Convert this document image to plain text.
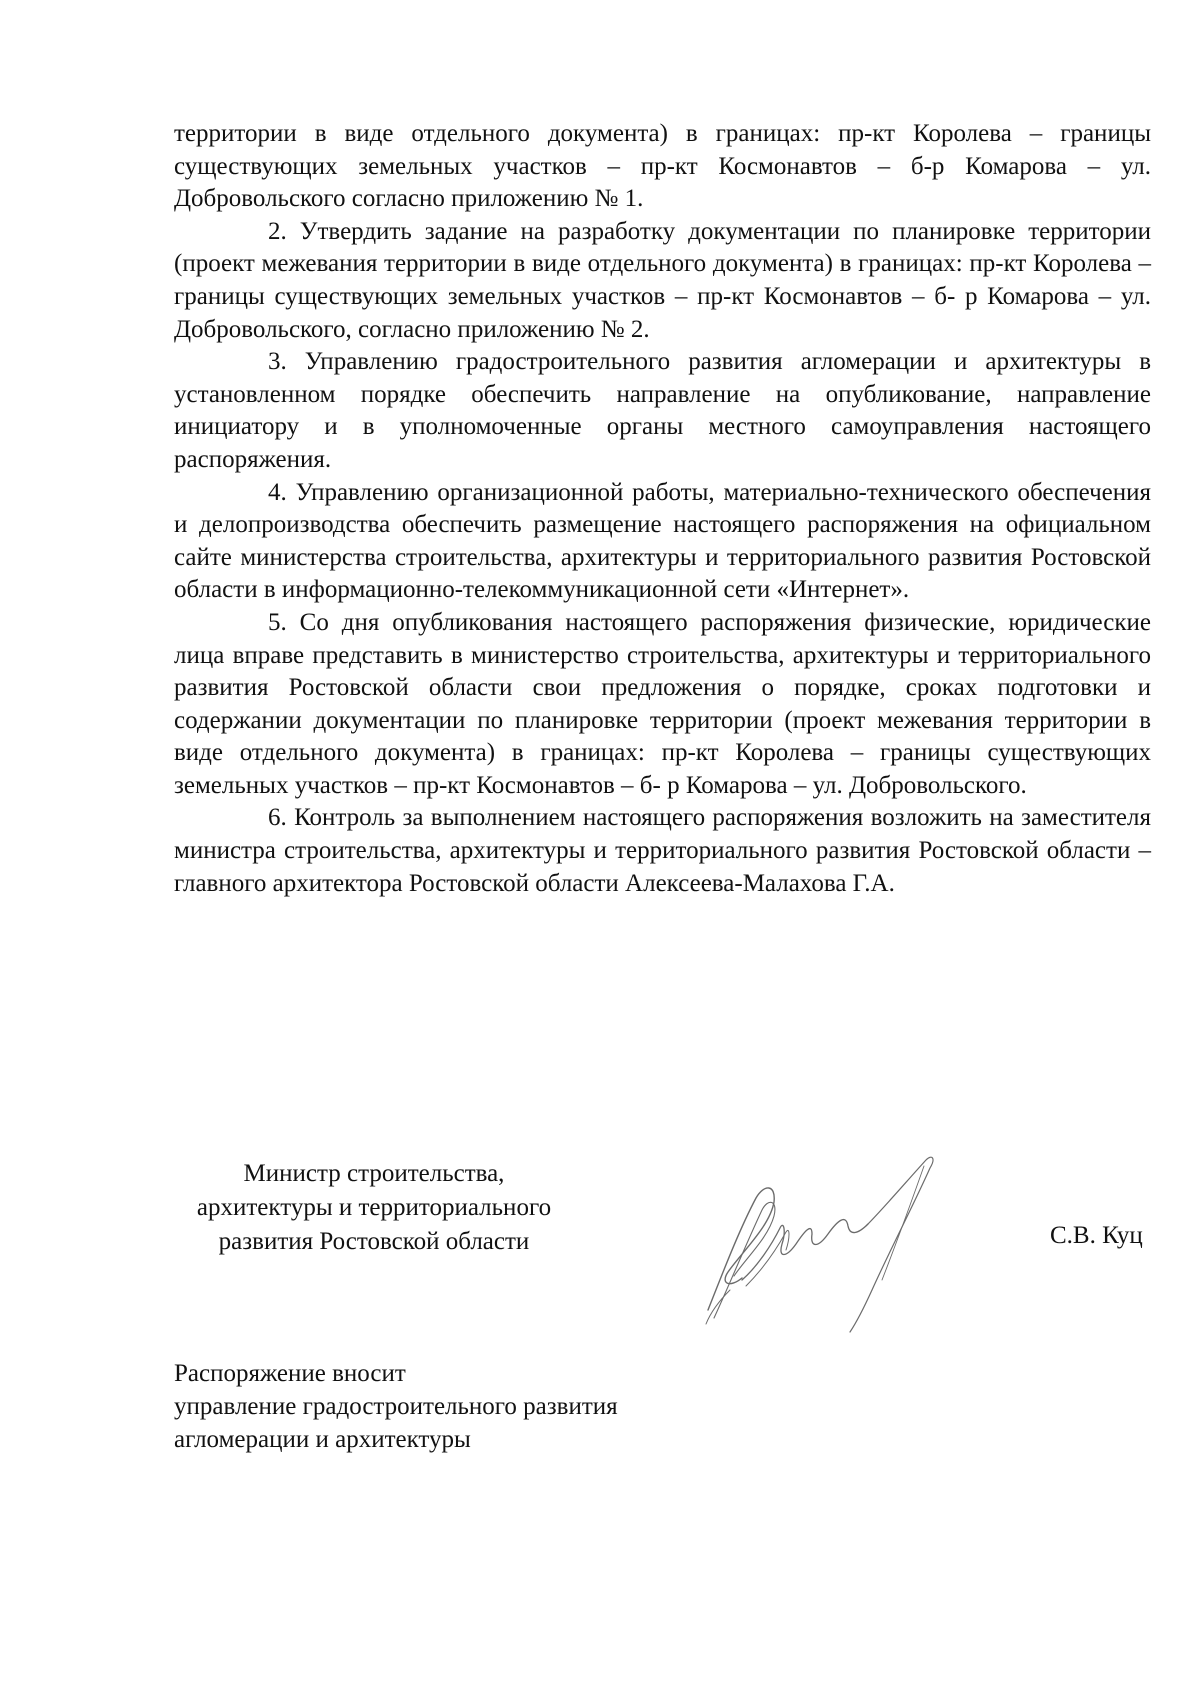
территории в виде отдельного документа) в границах: пр-кт Королева – границы существующих земельных участков – пр-кт Космонавтов – б-р Комарова – ул. Добровольского согласно приложению № 1.

2. Утвердить задание на разработку документации по планировке территории (проект межевания территории в виде отдельного документа) в границах: пр-кт Королева – границы существующих земельных участков – пр-кт Космонавтов – б- р Комарова – ул. Добровольского, согласно приложению № 2.

3. Управлению градостроительного развития агломерации и архитектуры в установленном порядке обеспечить направление на опубликование, направление инициатору и в уполномоченные органы местного самоуправления настоящего распоряжения.

4. Управлению организационной работы, материально-технического обеспечения и делопроизводства обеспечить размещение настоящего распоряжения на официальном сайте министерства строительства, архитектуры и территориального развития Ростовской области в информационно-телекоммуникационной сети «Интернет».

5. Со дня опубликования настоящего распоряжения физические, юридические лица вправе представить в министерство строительства, архитектуры и территориального развития Ростовской области свои предложения о порядке, сроках подготовки и содержании документации по планировке территории (проект межевания территории в виде отдельного документа) в границах: пр-кт Королева – границы существующих земельных участков – пр-кт Космонавтов – б- р Комарова – ул. Добровольского.

6. Контроль за выполнением настоящего распоряжения возложить на заместителя министра строительства, архитектуры и территориального развития Ростовской области – главного архитектора Ростовской области Алексеева-Малахова Г.А.

Министр строительства,
архитектуры и территориального
развития Ростовской области	С.В. Куц
Распоряжение вносит
управление градостроительного развития
агломерации и архитектуры
